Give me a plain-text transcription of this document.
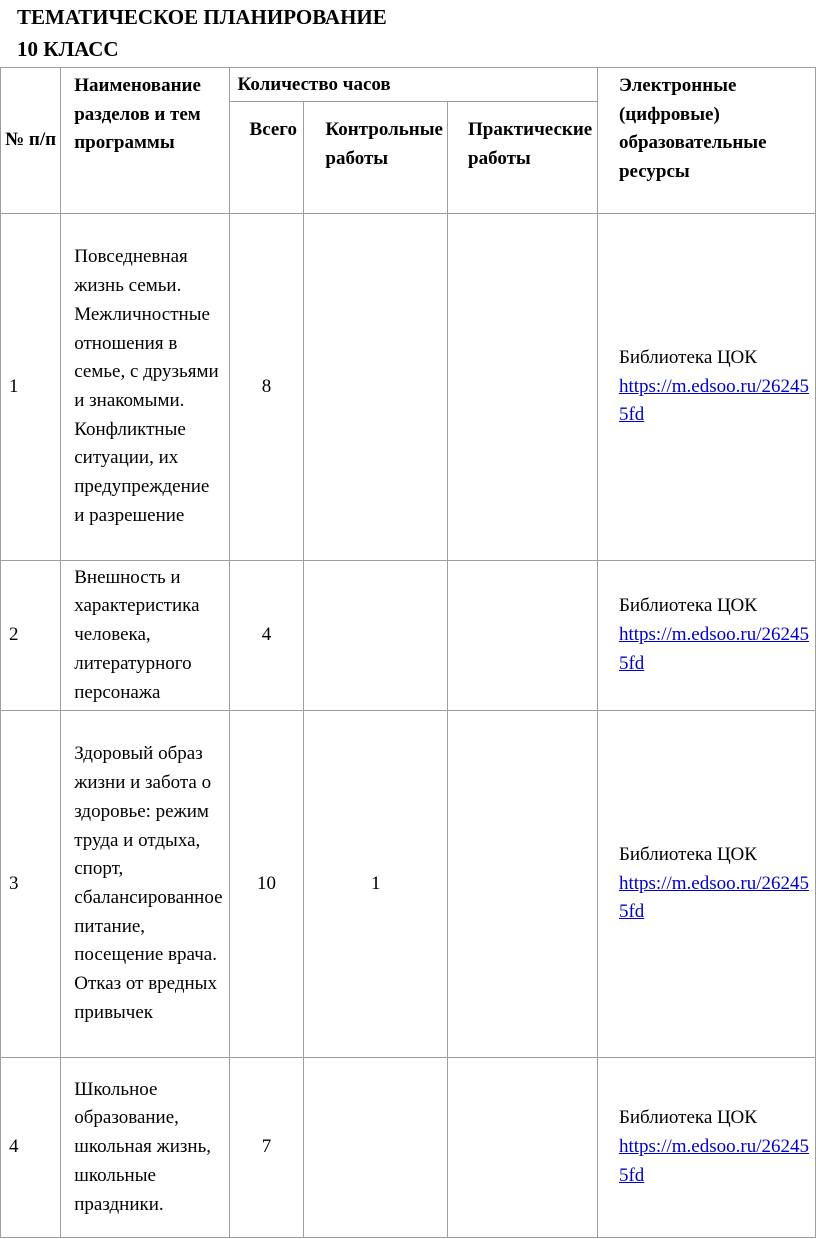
ТЕМАТИЧЕСКОЕ ПЛАНИРОВАНИЕ
10 КЛАСС
№ п/п	Наименование разделов и тем программы	Количество часов			Электронные (цифровые) образовательные ресурсы
		Всего	Контрольные работы	Практические работы	
1	Повседневная жизнь семьи. Межличностные отношения в семье, с друзьями и знакомыми. Конфликтные ситуации, их предупреждение и разрешение	8			Библиотека ЦОК
https://m.edsoo.ru/262455fd

2	Внешность и характеристика человека, литературного персонажа	4			Библиотека ЦОК
https://m.edsoo.ru/262455fd

3	Здоровый образ жизни и забота о здоровье: режим труда и отдыха, спорт, сбалансированное питание, посещение врача. Отказ от вредных привычек	10	1		Библиотека ЦОК
https://m.edsoo.ru/262455fd

4	Школьное образование, школьная жизнь, школьные праздники.	7			Библиотека ЦОК
https://m.edsoo.ru/262455fd
